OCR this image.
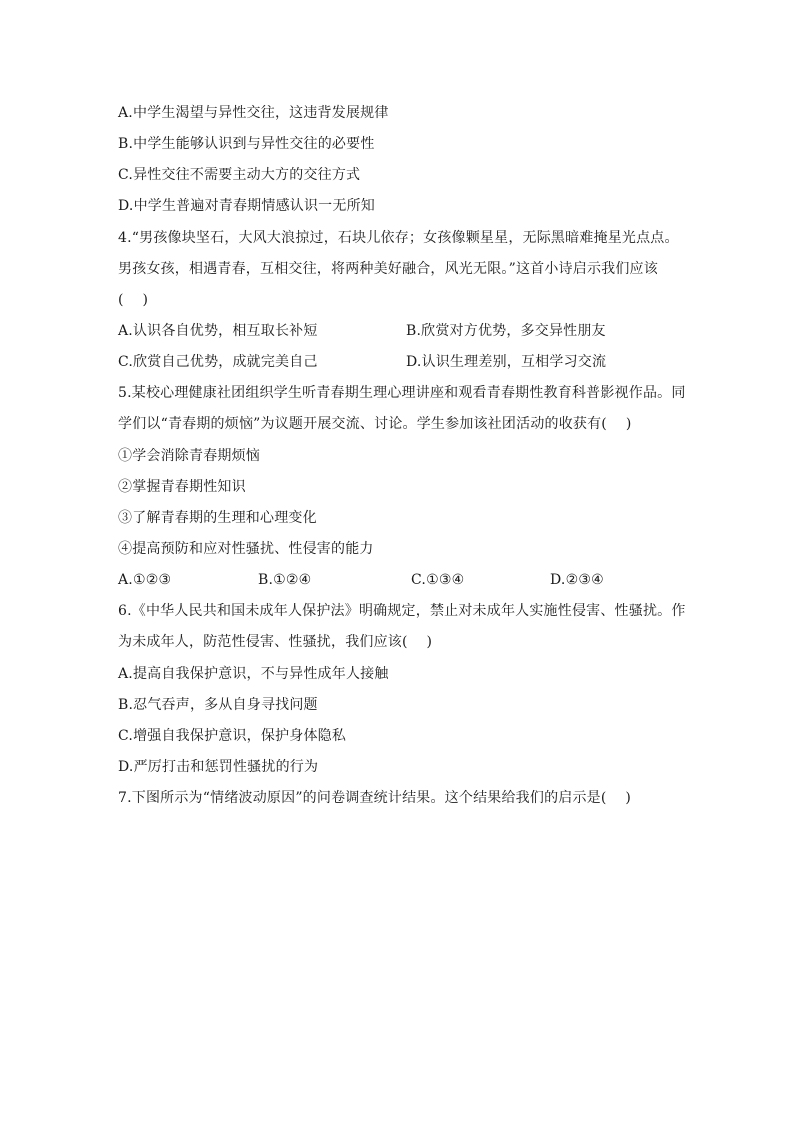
A.中学生渴望与异性交往，这违背发展规律
B.中学生能够认识到与异性交往的必要性
C.异性交往不需要主动大方的交往方式
D.中学生普遍对青春期情感认识一无所知
4.“男孩像块坚石，大风大浪掠过，石块儿依存；女孩像颗星星，无际黑暗难掩星光点点。
男孩女孩，相遇青春，互相交往，将两种美好融合，风光无限。”这首小诗启示我们应该
(　 )
A.认识各自优势，相互取长补短	B.欣赏对方优势，多交异性朋友
C.欣赏自己优势，成就完美自己	D.认识生理差别，互相学习交流
5.某校心理健康社团组织学生听青春期生理心理讲座和观看青春期性教育科普影视作品。同
学们以“青春期的烦恼”为议题开展交流、讨论。学生参加该社团活动的收获有(　 )
①学会消除青春期烦恼
②掌握青春期性知识
③了解青春期的生理和心理变化
④提高预防和应对性骚扰、性侵害的能力
A.①②③	B.①②④	C.①③④	D.②③④
6.《中华人民共和国未成年人保护法》明确规定，禁止对未成年人实施性侵害、性骚扰。作
为未成年人，防范性侵害、性骚扰，我们应该(　 )
A.提高自我保护意识，不与异性成年人接触
B.忍气吞声，多从自身寻找问题
C.增强自我保护意识，保护身体隐私
D.严厉打击和惩罚性骚扰的行为
7.下图所示为“情绪波动原因”的问卷调查统计结果。这个结果给我们的启示是(　 )
